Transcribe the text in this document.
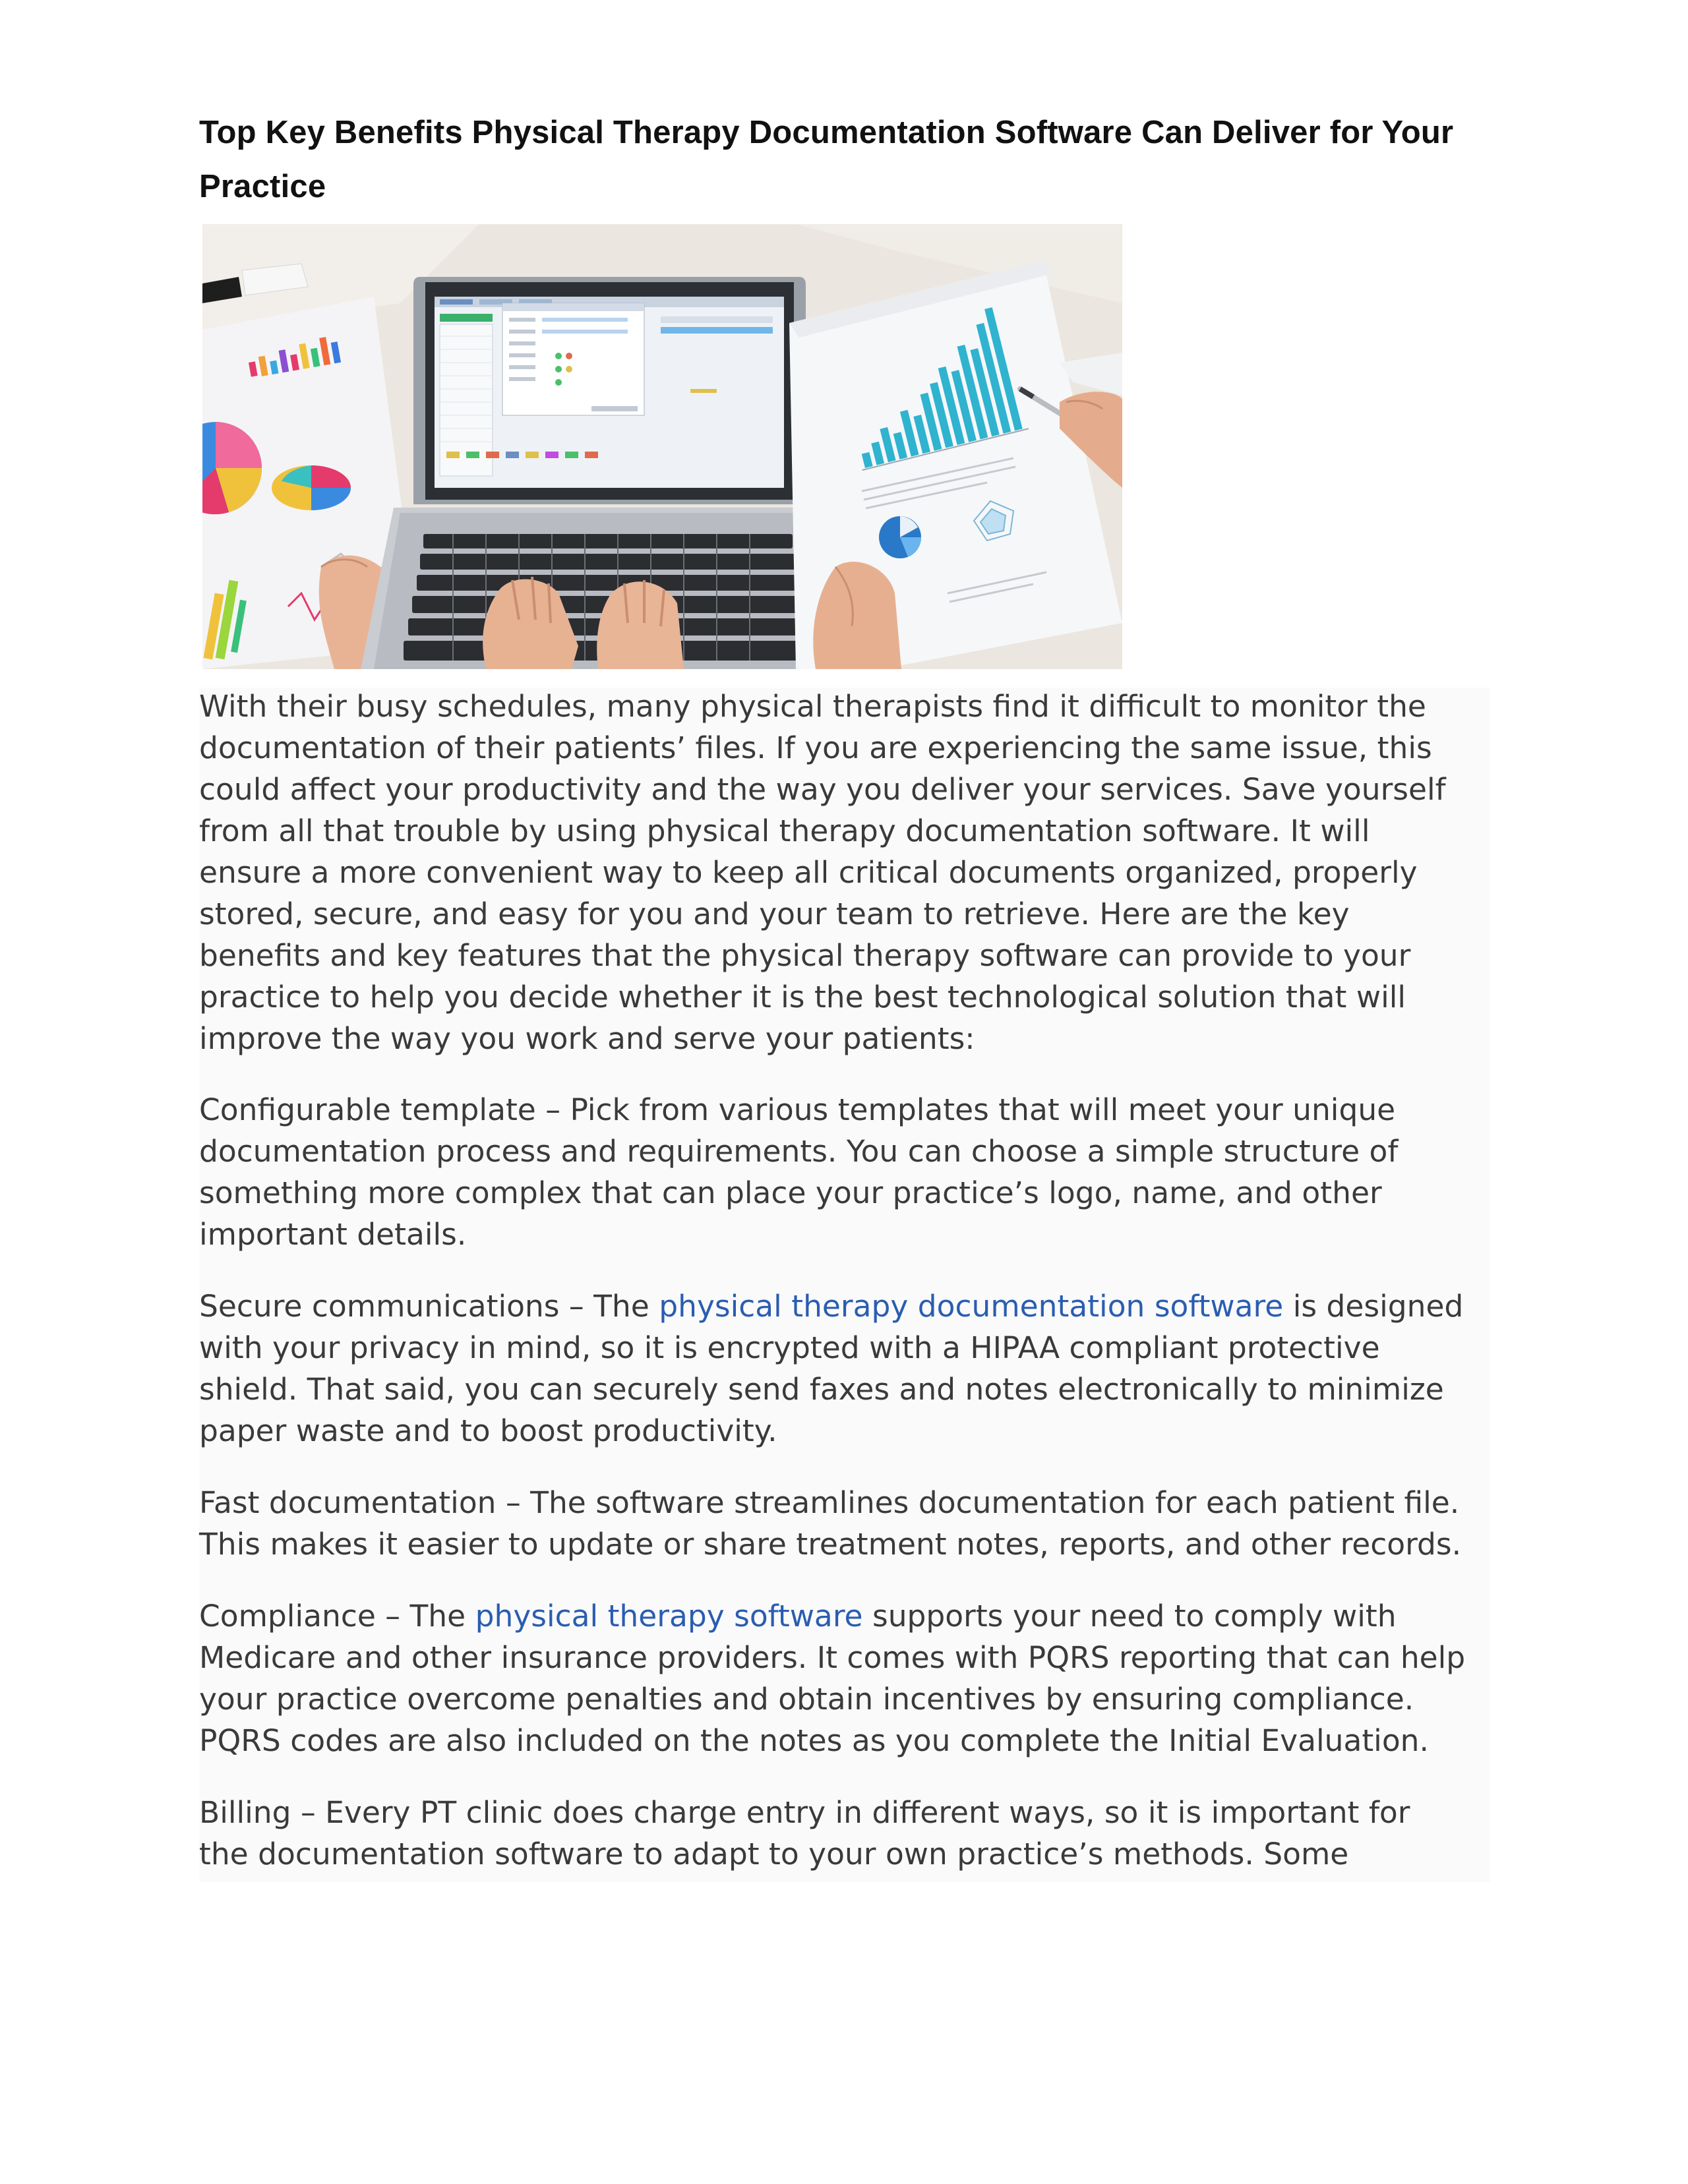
Top Key Benefits Physical Therapy Documentation Software Can Deliver for Your
Practice
With their busy schedules, many physical therapists find it difficult to monitor the
documentation of their patients’ files. If you are experiencing the same issue, this
could affect your productivity and the way you deliver your services. Save yourself
from all that trouble by using physical therapy documentation software. It will
ensure a more convenient way to keep all critical documents organized, properly
stored, secure, and easy for you and your team to retrieve. Here are the key
benefits and key features that the physical therapy software can provide to your
practice to help you decide whether it is the best technological solution that will
improve the way you work and serve your patients:
Configurable template – Pick from various templates that will meet your unique
documentation process and requirements. You can choose a simple structure of
something more complex that can place your practice’s logo, name, and other
important details.
Secure communications – The physical therapy documentation software is designed
with your privacy in mind, so it is encrypted with a HIPAA compliant protective
shield. That said, you can securely send faxes and notes electronically to minimize
paper waste and to boost productivity.
Fast documentation – The software streamlines documentation for each patient file.
This makes it easier to update or share treatment notes, reports, and other records.
Compliance – The physical therapy software supports your need to comply with
Medicare and other insurance providers. It comes with PQRS reporting that can help
your practice overcome penalties and obtain incentives by ensuring compliance.
PQRS codes are also included on the notes as you complete the Initial Evaluation.
Billing – Every PT clinic does charge entry in different ways, so it is important for
the documentation software to adapt to your own practice’s methods. Some
